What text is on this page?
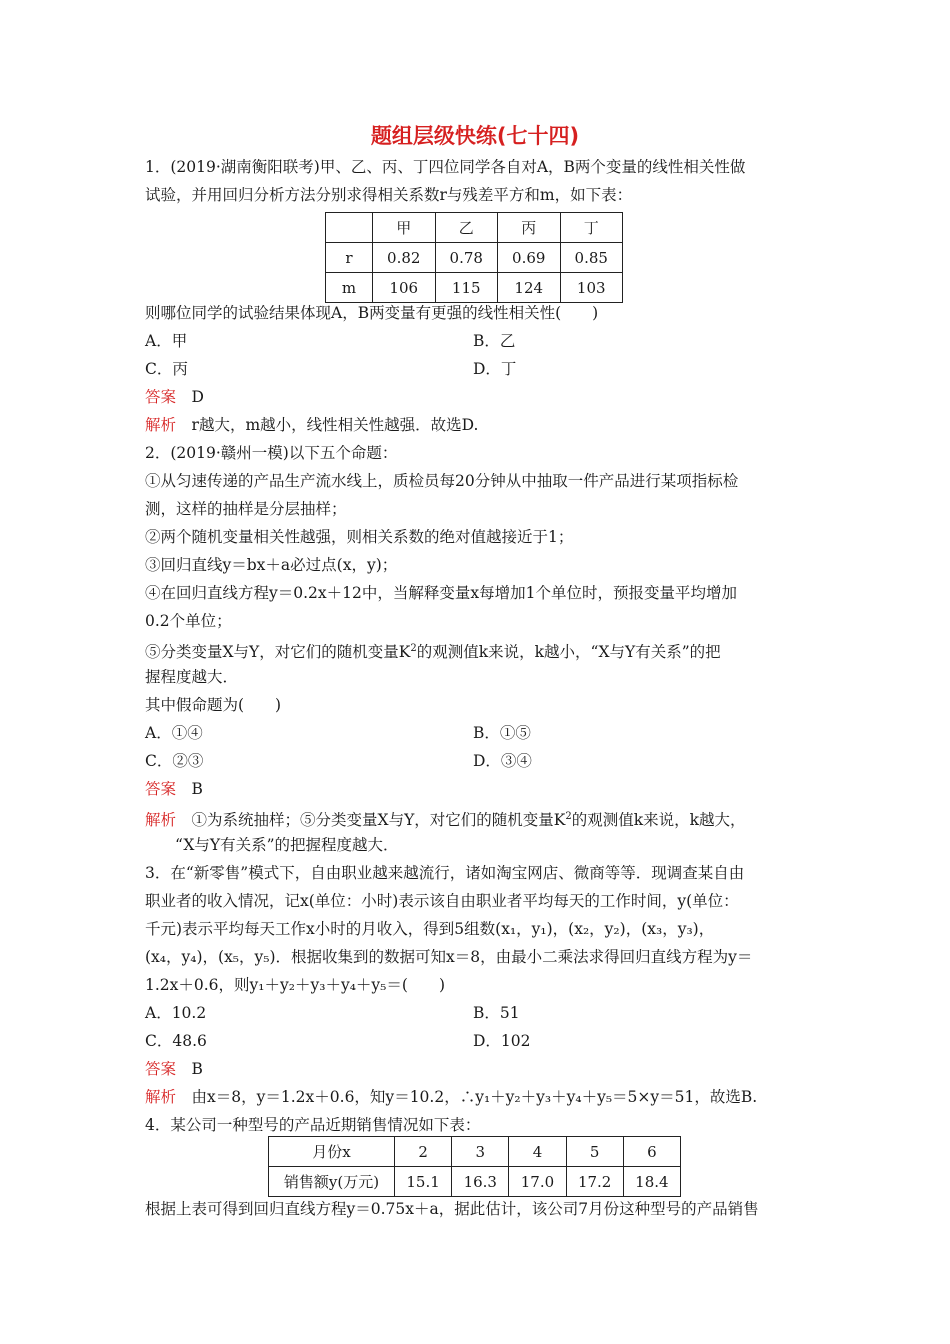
题组层级快练(七十四)
1．(2019·湖南衡阳联考)甲、乙、丙、丁四位同学各自对A，B两个变量的线性相关性做
试验，并用回归分析方法分别求得相关系数r与残差平方和m，如下表：
	甲	乙	丙	丁
r	0.82	0.78	0.69	0.85
m	106	115	124	103
则哪位同学的试验结果体现A，B两变量有更强的线性相关性(　　)
A．甲	B．乙
C．丙	D．丁
答案　 D
解析　 r越大，m越小，线性相关性越强．故选D.
2．(2019·赣州一模)以下五个命题：
①从匀速传递的产品生产流水线上，质检员每20分钟从中抽取一件产品进行某项指标检
测，这样的抽样是分层抽样；
②两个随机变量相关性越强，则相关系数的绝对值越接近于1；
③回归直线y＝bx＋a必过点(x，y)；
④在回归直线方程y＝0.2x＋12中，当解释变量x每增加1个单位时，预报变量平均增加
0.2个单位；
⑤分类变量X与Y，对它们的随机变量$K^2$的观测值k来说，k越小，“X与Y有关系”的把
握程度越大．
其中假命题为(　　)
A．①④	B．①⑤
C．②③	D．③④
答案　 B
解析　 ①为系统抽样；⑤分类变量X与Y，对它们的随机变量$K^2$的观测值k来说，k越大，
“X与Y有关系”的把握程度越大．
3．在“新零售”模式下，自由职业越来越流行，诸如淘宝网店、微商等等．现调查某自由
职业者的收入情况，记x(单位：小时)表示该自由职业者平均每天的工作时间，y(单位：
千元)表示平均每天工作x小时的月收入，得到5组数(x₁，y₁)，(x₂，y₂)，(x₃，y₃)，
(x₄，y₄)，(x₅，y₅)．根据收集到的数据可知x＝8，由最小二乘法求得回归直线方程为y＝
1.2x＋0.6，则y₁＋y₂＋y₃＋y₄＋y₅＝(　　)
A．10.2	B．51
C．48.6	D．102
答案　 B
解析　 由x＝8，y＝1.2x＋0.6，知y＝10.2，∴y₁＋y₂＋y₃＋y₄＋y₅＝5×y＝51，故选B.
4．某公司一种型号的产品近期销售情况如下表：
月份x	2	3	4	5	6
销售额y(万元)	15.1	16.3	17.0	17.2	18.4
根据上表可得到回归直线方程y＝0.75x＋a，据此估计，该公司7月份这种型号的产品销售
